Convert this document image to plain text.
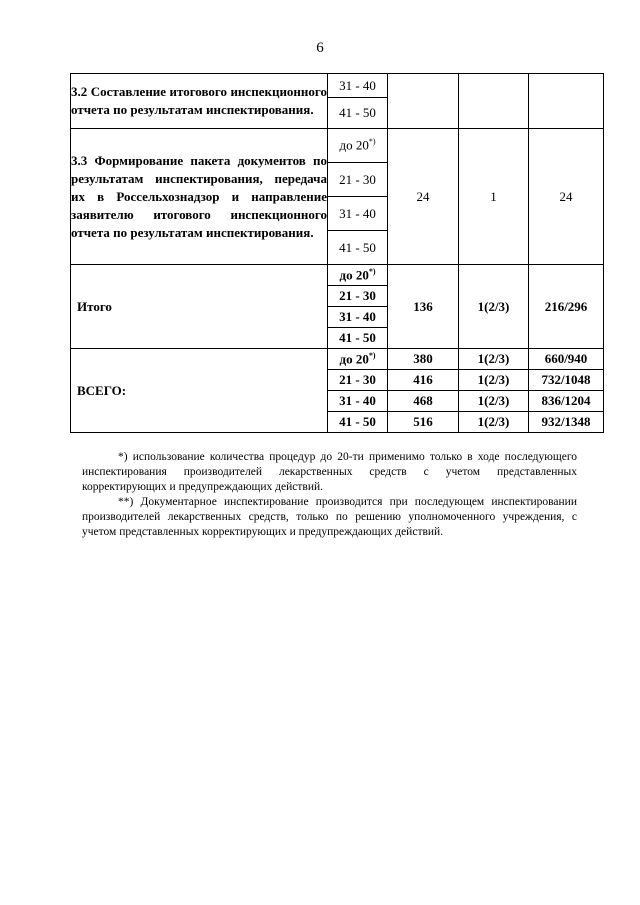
6
3.2 Составление итогового инспекционного отчета по результатам инспектирования.	31 - 40			
	41 - 50			
3.3 Формирование пакета документов по результатам инспектирования, передача их в Россельхознадзор и направление заявителю итогового инспекционного отчета по результатам инспектирования.	до 20*)	24	1	24
	21 - 30			
	31 - 40			
	41 - 50			
Итого	до 20*)	136	1(2/3)	216/296
	21 - 30			
	31 - 40			
	41 - 50			
ВСЕГО:	до 20*)	380	1(2/3)	660/940
	21 - 30	416	1(2/3)	732/1048
	31 - 40	468	1(2/3)	836/1204
	41 - 50	516	1(2/3)	932/1348

*) использование количества процедур до 20-ти применимо только в ходе последующего инспектирования производителей лекарственных средств с учетом представленных корректирующих и предупреждающих действий.

**) Документарное инспектирование производится при последующем инспектировании производителей лекарственных средств, только по решению уполномоченного учреждения, с учетом представленных корректирующих и предупреждающих действий.
